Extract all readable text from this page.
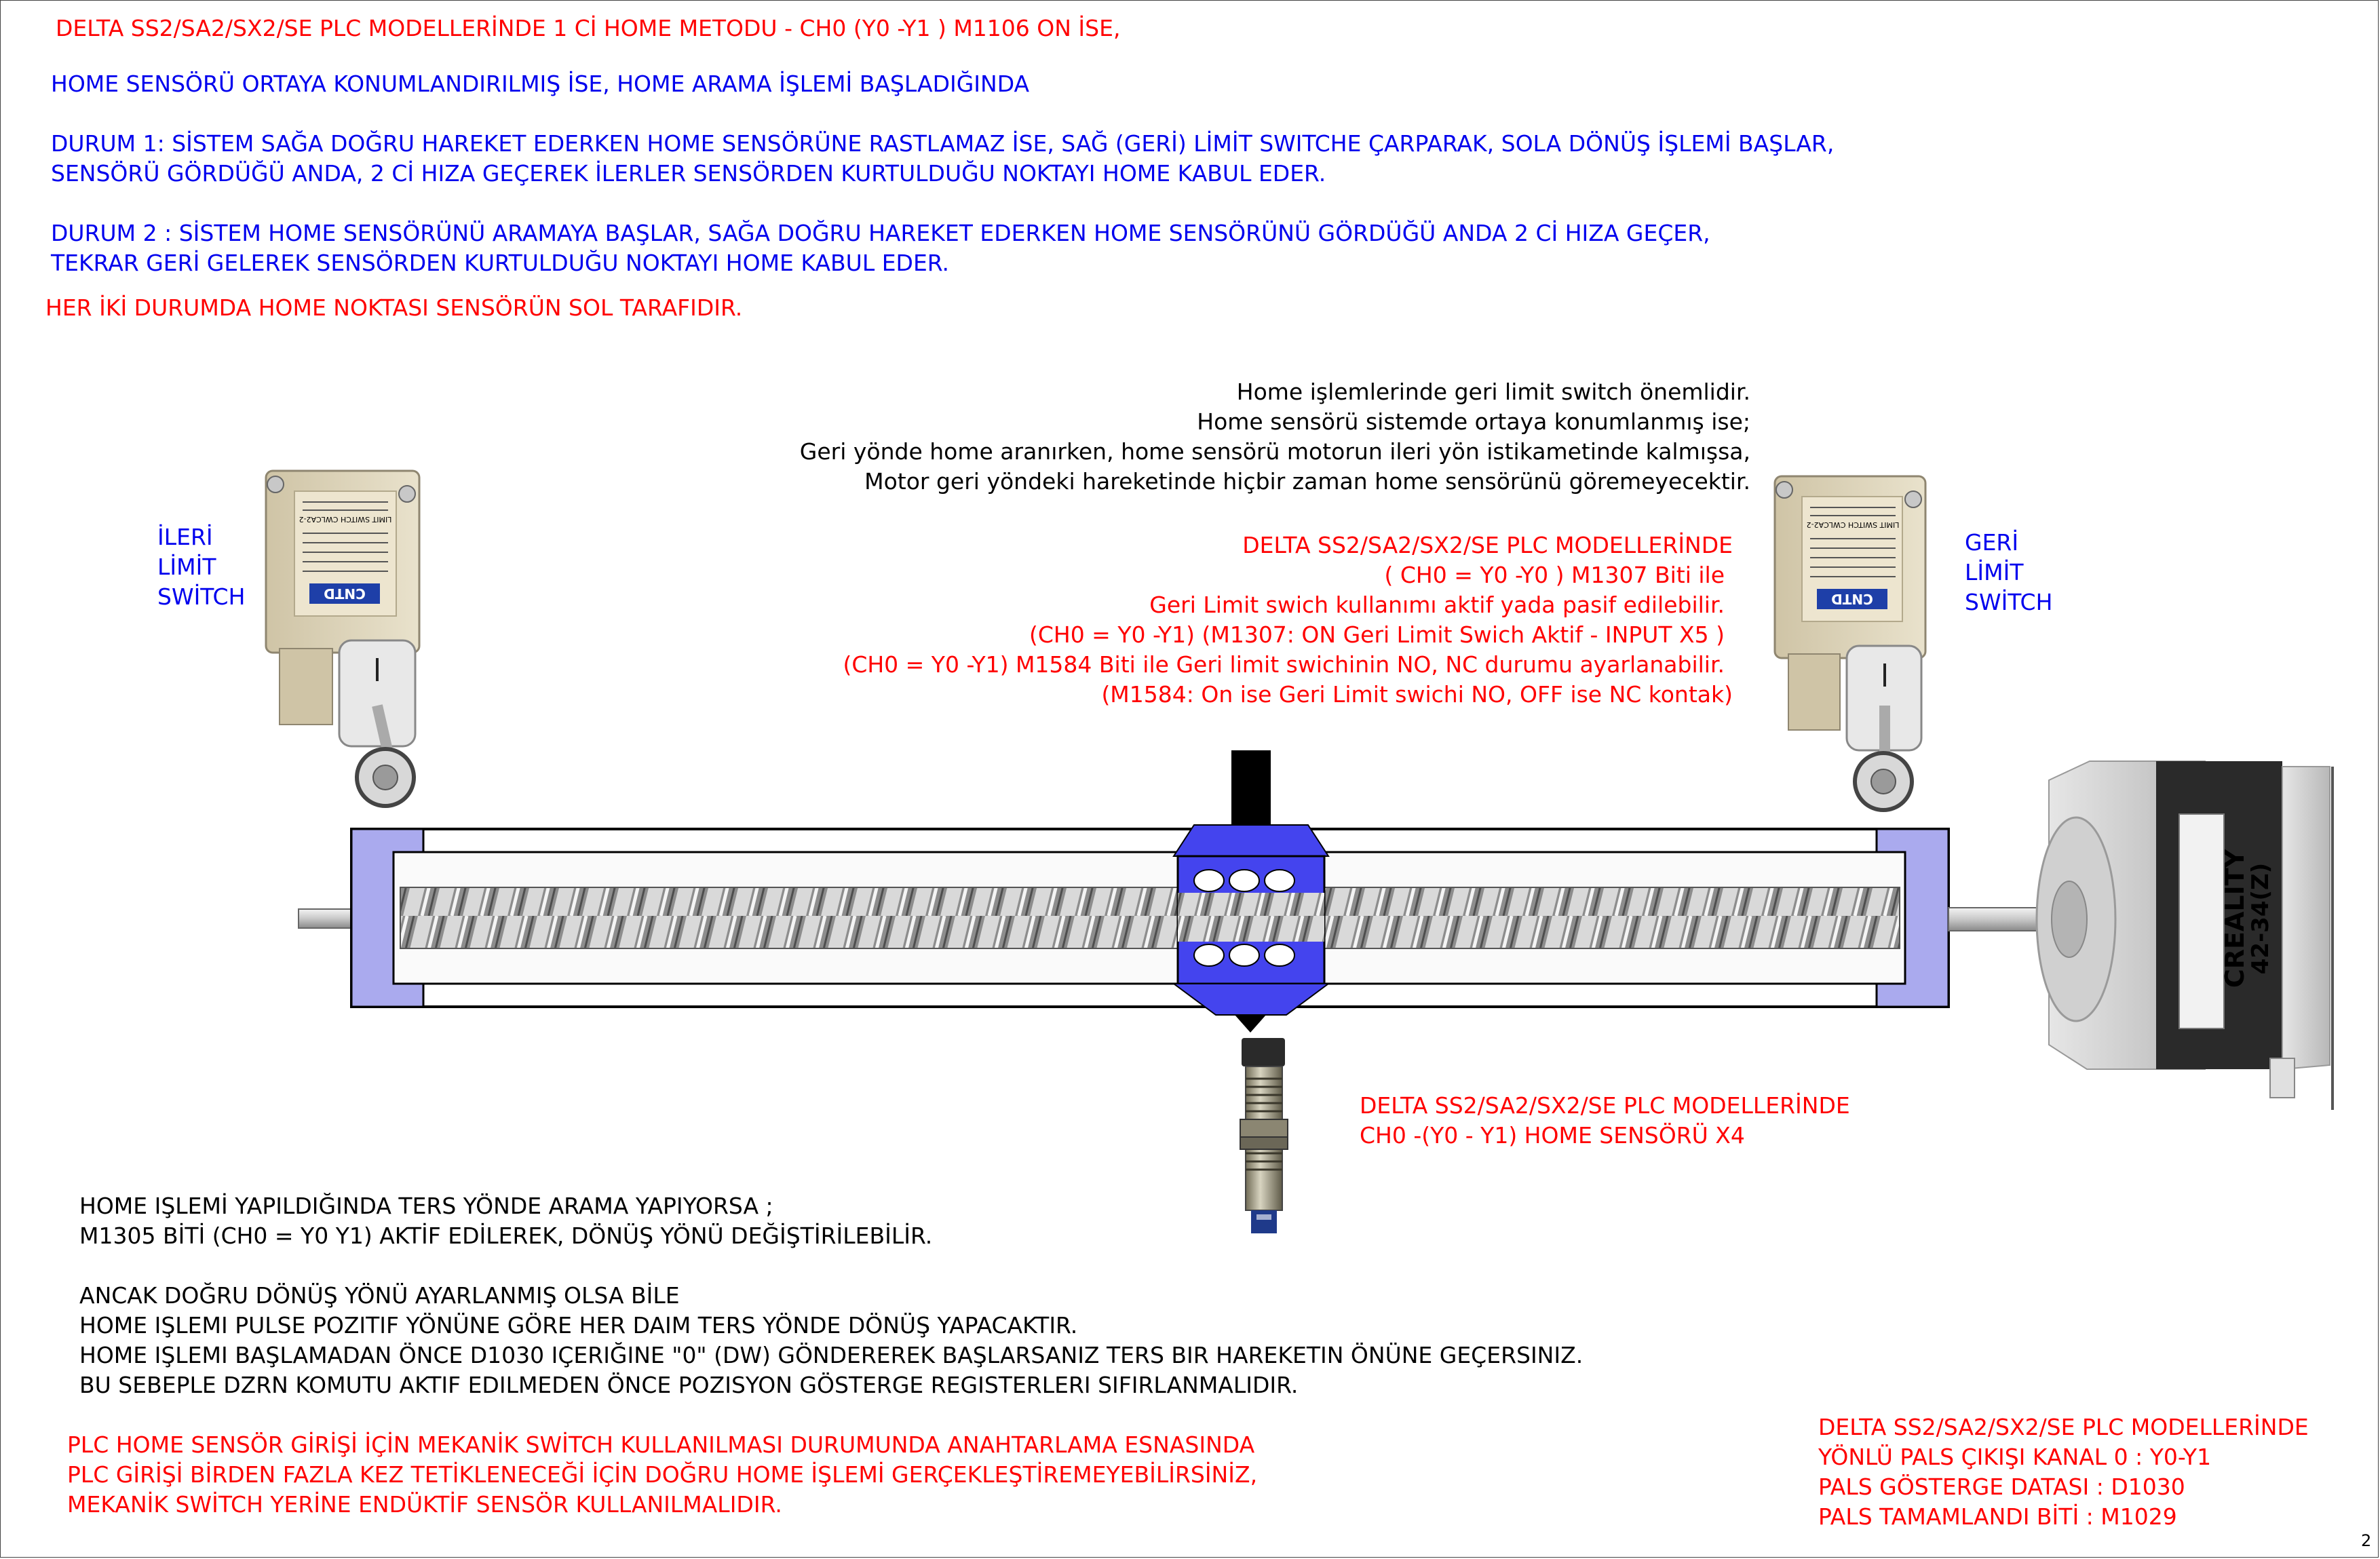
DELTA SS2/SA2/SX2/SE PLC MODELLERİNDE 1 Cİ HOME METODU - CH0 (Y0 -Y1 ) M1106 ON İSE,
HOME SENSÖRÜ ORTAYA KONUMLANDIRILMIŞ İSE, HOME ARAMA İŞLEMİ BAŞLADIĞINDA
DURUM 1: SİSTEM SAĞA DOĞRU HAREKET EDERKEN HOME SENSÖRÜNE RASTLAMAZ İSE, SAĞ (GERİ) LİMİT SWITCHE ÇARPARAK, SOLA DÖNÜŞ İŞLEMİ BAŞLAR,
SENSÖRÜ GÖRDÜĞÜ ANDA, 2 Cİ HIZA GEÇEREK İLERLER SENSÖRDEN KURTULDUĞU NOKTAYI HOME KABUL EDER.
DURUM 2 : SİSTEM HOME SENSÖRÜNÜ ARAMAYA BAŞLAR, SAĞA DOĞRU HAREKET EDERKEN HOME SENSÖRÜNÜ GÖRDÜĞÜ ANDA 2 Cİ HIZA GEÇER,
TEKRAR GERİ GELEREK SENSÖRDEN KURTULDUĞU NOKTAYI HOME KABUL EDER.
HER İKİ DURUMDA HOME NOKTASI SENSÖRÜN SOL TARAFIDIR.
Home işlemlerinde geri limit switch önemlidir.
Home sensörü sistemde ortaya konumlanmış ise;
Geri yönde home aranırken, home sensörü motorun ileri yön istikametinde kalmışsa,
Motor geri yöndeki hareketinde hiçbir zaman home sensörünü göremeyecektir.
DELTA SS2/SA2/SX2/SE PLC MODELLERİNDE
( CH0 = Y0 -Y0 ) M1307 Biti ile
Geri Limit swich kullanımı aktif yada pasif edilebilir.
(CH0 = Y0 -Y1) (M1307: ON Geri Limit Swich Aktif - INPUT X5 )
(CH0 = Y0 -Y1) M1584 Biti ile Geri limit swichinin NO, NC durumu ayarlanabilir.
(M1584: On ise Geri Limit swichi NO, OFF ise NC kontak)
İLERİ
LİMİT
SWİTCH
GERİ
LİMİT
SWİTCH
DELTA SS2/SA2/SX2/SE PLC MODELLERİNDE
CH0 -(Y0 - Y1) HOME SENSÖRÜ X4
HOME IŞLEMİ YAPILDIĞINDA TERS YÖNDE ARAMA YAPIYORSA ;
M1305 BİTİ (CH0 = Y0 Y1) AKTİF EDİLEREK, DÖNÜŞ YÖNÜ DEĞİŞTİRİLEBİLİR.
ANCAK DOĞRU DÖNÜŞ YÖNÜ AYARLANMIŞ OLSA BİLE
HOME IŞLEMI PULSE POZITIF YÖNÜNE GÖRE HER DAIM TERS YÖNDE DÖNÜŞ YAPACAKTIR.
HOME IŞLEMI BAŞLAMADAN ÖNCE D1030 IÇERIĞINE "0" (DW) GÖNDEREREK BAŞLARSANIZ TERS BIR HAREKETIN ÖNÜNE GEÇERSINIZ.
BU SEBEPLE DZRN KOMUTU AKTIF EDILMEDEN ÖNCE POZISYON GÖSTERGE REGISTERLERI SIFIRLANMALIDIR.
PLC HOME SENSÖR GİRİŞİ İÇİN MEKANİK SWİTCH KULLANILMASI DURUMUNDA ANAHTARLAMA ESNASINDA
PLC GİRİŞİ BİRDEN FAZLA KEZ TETİKLENECEĞİ İÇİN DOĞRU HOME İŞLEMİ GERÇEKLEŞTİREMEYEBİLİRSİNİZ,
MEKANİK SWİTCH YERİNE ENDÜKTİF SENSÖR KULLANILMALIDIR.
DELTA SS2/SA2/SX2/SE PLC MODELLERİNDE
YÖNLÜ PALS ÇIKIŞI KANAL 0 : Y0-Y1
PALS GÖSTERGE DATASI : D1030
PALS TAMAMLANDI BİTİ : M1029
2
CREALITY
42-34(Z)
CNTD	CNTD
LIMIT SWITCH CWLCA2-2
LIMIT SWITCH CWLCA2-2
